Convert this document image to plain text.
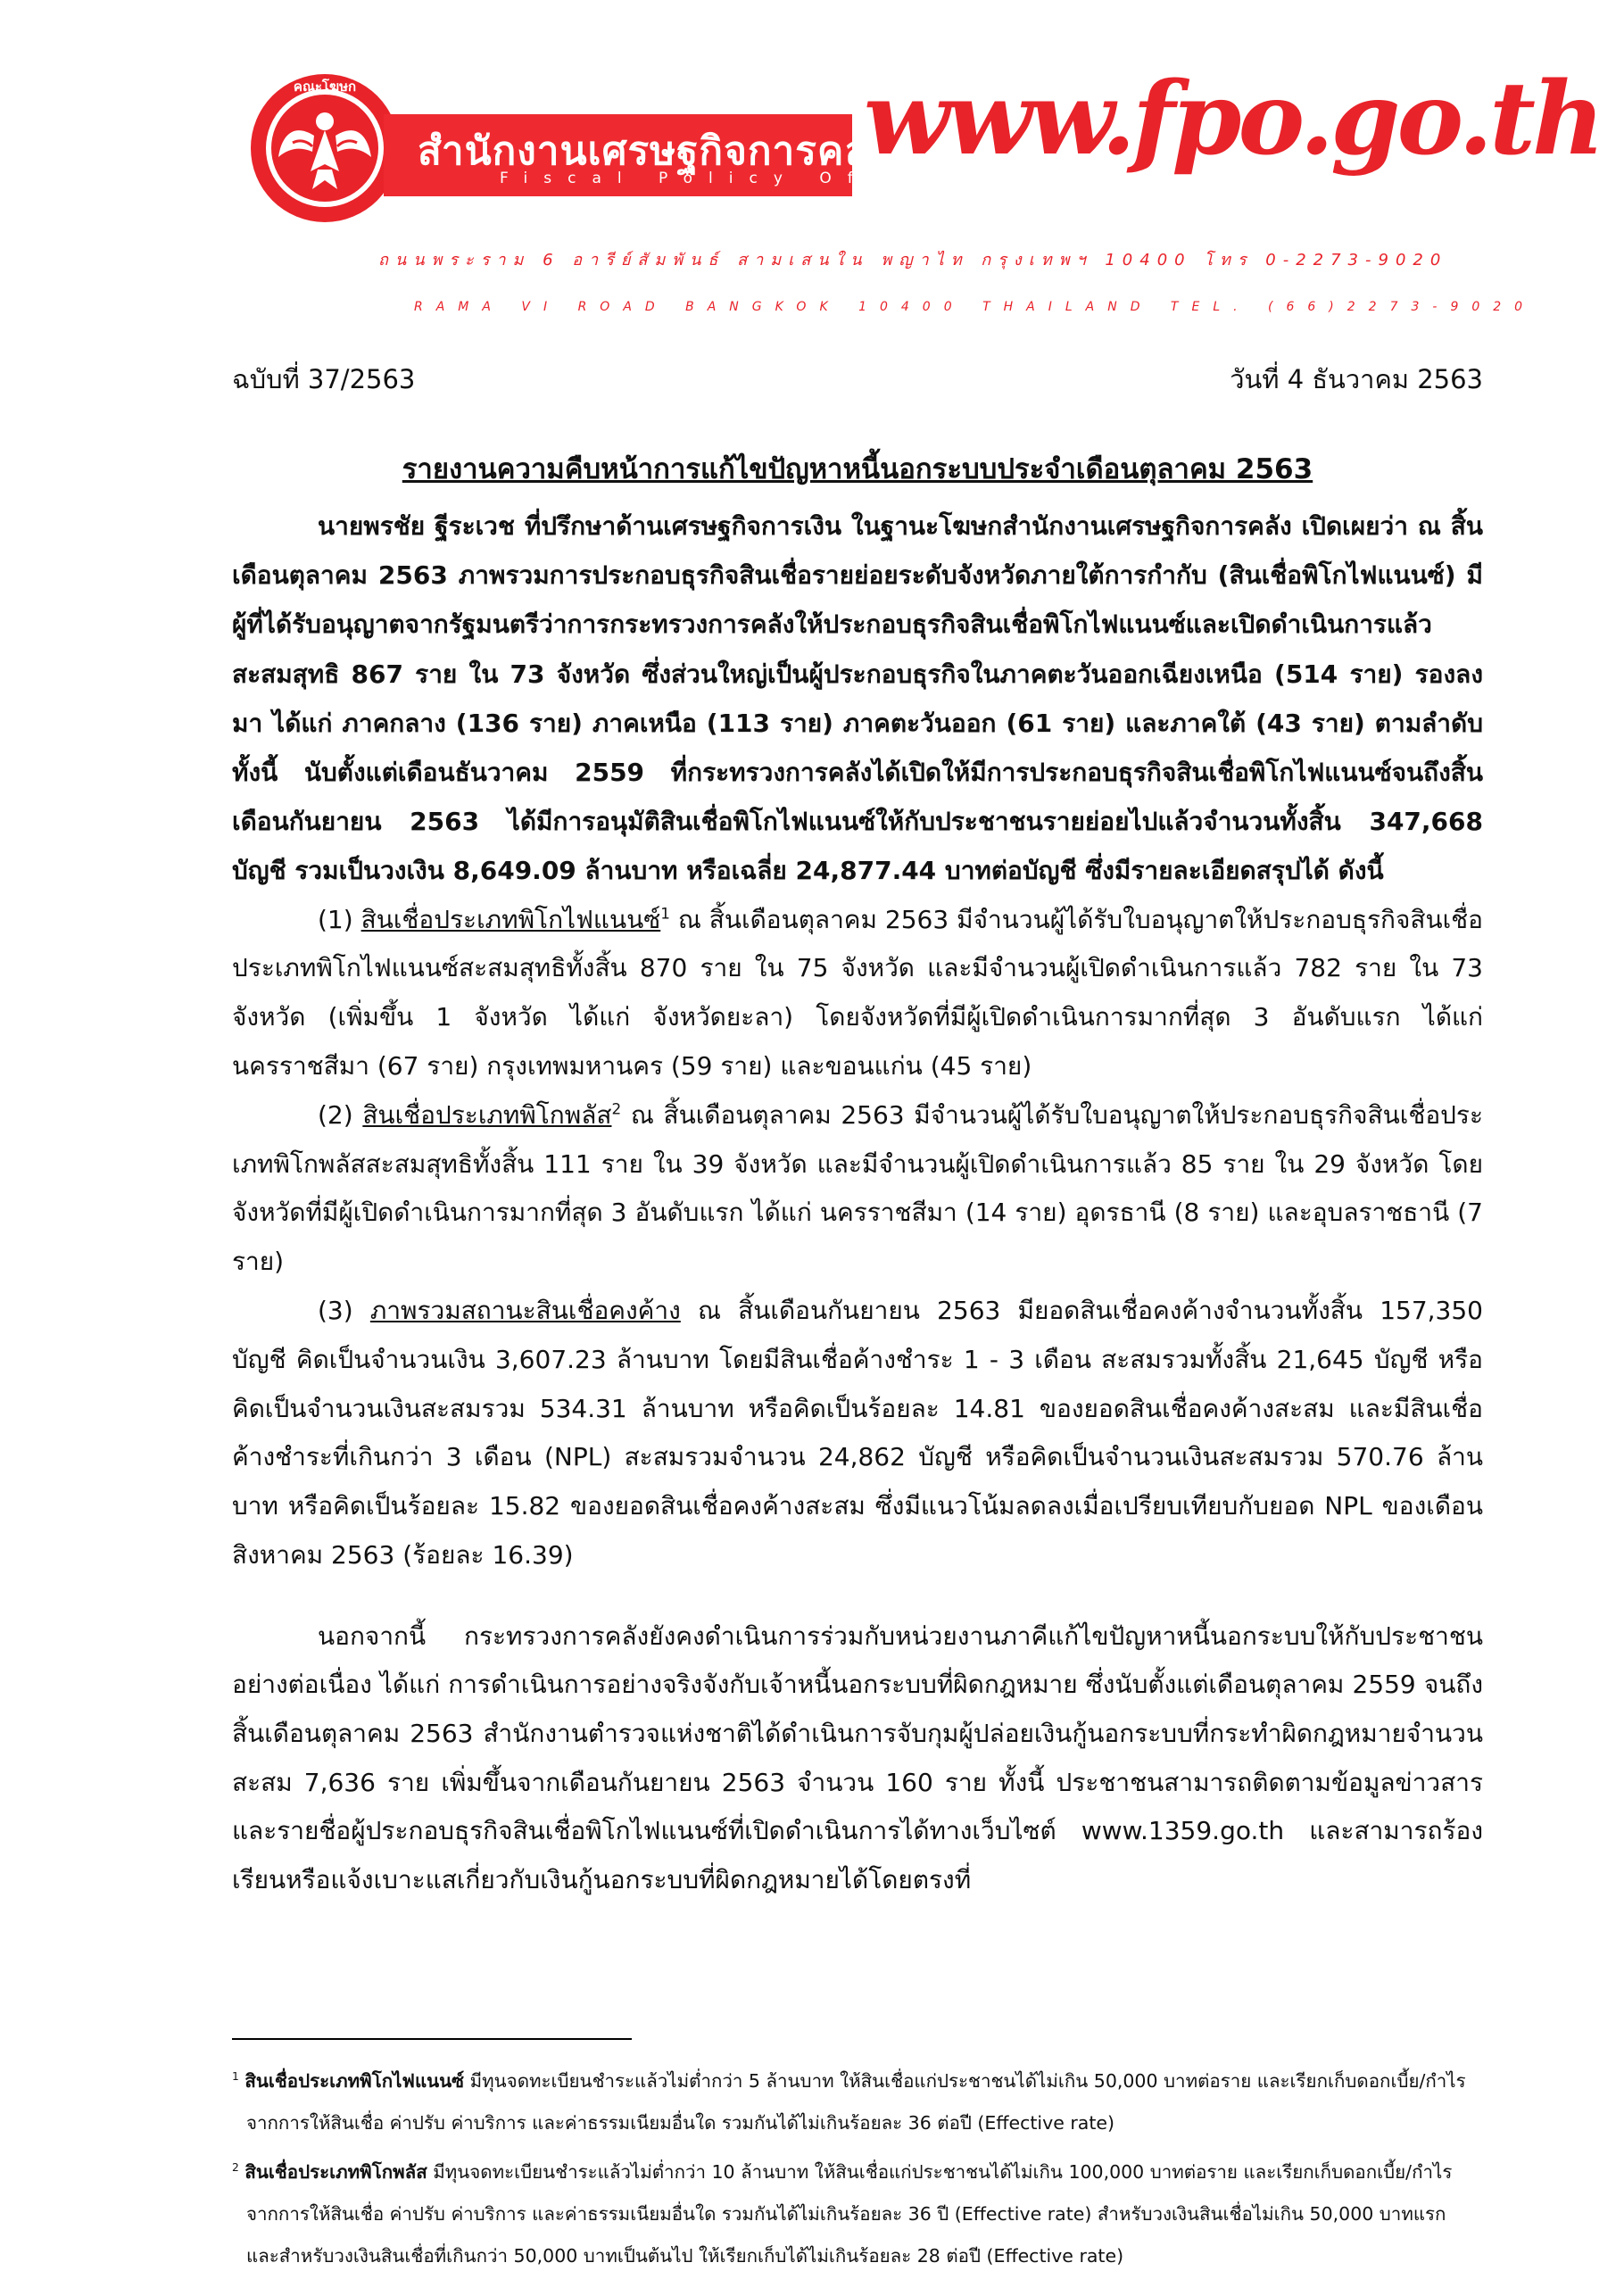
คณะโฆษก
สำนักงานเศรษฐกิจการคลัง
Fiscal Policy Office
www.fpo.go.th
ถนนพระราม 6 อารีย์สัมพันธ์ สามเสนใน พญาไท กรุงเทพฯ 10400 โทร 0-2273-9020
RAMA VI ROAD BANGKOK 10400 THAILAND TEL. (66)2273-9020
ฉบับที่ 37/2563	วันที่ 4 ธันวาคม 2563
รายงานความคืบหน้าการแก้ไขปัญหาหนี้นอกระบบประจำเดือนตุลาคม 2563

นายพรชัย ฐีระเวช ที่ปรึกษาด้านเศรษฐกิจการเงิน ในฐานะโฆษกสำนักงานเศรษฐกิจการคลัง เปิดเผยว่า ณ สิ้นเดือนตุลาคม 2563 ภาพรวมการประกอบธุรกิจสินเชื่อรายย่อยระดับจังหวัดภายใต้การกำกับ (สินเชื่อพิโกไฟแนนซ์) มีผู้ที่ได้รับอนุญาตจากรัฐมนตรีว่าการกระทรวงการคลังให้ประกอบธุรกิจสินเชื่อพิโกไฟแนนซ์และเปิดดำเนินการแล้วสะสมสุทธิ 867 ราย ใน 73 จังหวัด ซึ่งส่วนใหญ่เป็นผู้ประกอบธุรกิจในภาคตะวันออกเฉียงเหนือ (514 ราย) รองลงมา ได้แก่ ภาคกลาง (136 ราย) ภาคเหนือ (113 ราย) ภาคตะวันออก (61 ราย) และภาคใต้ (43 ราย) ตามลำดับ ทั้งนี้ นับตั้งแต่เดือนธันวาคม 2559 ที่กระทรวงการคลังได้เปิดให้มีการประกอบธุรกิจสินเชื่อพิโกไฟแนนซ์จนถึงสิ้นเดือนกันยายน 2563 ได้มีการอนุมัติสินเชื่อพิโกไฟแนนซ์ให้กับประชาชนรายย่อยไปแล้วจำนวนทั้งสิ้น 347,668 บัญชี รวมเป็นวงเงิน 8,649.09 ล้านบาท หรือเฉลี่ย 24,877.44 บาทต่อบัญชี ซึ่งมีรายละเอียดสรุปได้ ดังนี้

(1) สินเชื่อประเภทพิโกไฟแนนซ์$^1$ ณ สิ้นเดือนตุลาคม 2563 มีจำนวนผู้ได้รับใบอนุญาตให้ประกอบธุรกิจสินเชื่อประเภทพิโกไฟแนนซ์สะสมสุทธิทั้งสิ้น 870 ราย ใน 75 จังหวัด และมีจำนวนผู้เปิดดำเนินการแล้ว 782 ราย ใน 73 จังหวัด (เพิ่มขึ้น 1 จังหวัด ได้แก่ จังหวัดยะลา) โดยจังหวัดที่มีผู้เปิดดำเนินการมากที่สุด 3 อันดับแรก ได้แก่ นครราชสีมา (67 ราย) กรุงเทพมหานคร (59 ราย) และขอนแก่น (45 ราย)

(2) สินเชื่อประเภทพิโกพลัส$^2$ ณ สิ้นเดือนตุลาคม 2563 มีจำนวนผู้ได้รับใบอนุญาตให้ประกอบธุรกิจสินเชื่อประเภทพิโกพลัสสะสมสุทธิทั้งสิ้น 111 ราย ใน 39 จังหวัด และมีจำนวนผู้เปิดดำเนินการแล้ว 85 ราย ใน 29 จังหวัด โดยจังหวัดที่มีผู้เปิดดำเนินการมากที่สุด 3 อันดับแรก ได้แก่ นครราชสีมา (14 ราย) อุดรธานี (8 ราย) และอุบลราชธานี (7 ราย)

(3) ภาพรวมสถานะสินเชื่อคงค้าง ณ สิ้นเดือนกันยายน 2563 มียอดสินเชื่อคงค้างจำนวนทั้งสิ้น 157,350 บัญชี คิดเป็นจำนวนเงิน 3,607.23 ล้านบาท โดยมีสินเชื่อค้างชำระ 1 - 3 เดือน สะสมรวมทั้งสิ้น 21,645 บัญชี หรือคิดเป็นจำนวนเงินสะสมรวม 534.31 ล้านบาท หรือคิดเป็นร้อยละ 14.81 ของยอดสินเชื่อคงค้างสะสม และมีสินเชื่อค้างชำระที่เกินกว่า 3 เดือน (NPL) สะสมรวมจำนวน 24,862 บัญชี หรือคิดเป็นจำนวนเงินสะสมรวม 570.76 ล้านบาท หรือคิดเป็นร้อยละ 15.82 ของยอดสินเชื่อคงค้างสะสม ซึ่งมีแนวโน้มลดลงเมื่อเปรียบเทียบกับยอด NPL ของเดือนสิงหาคม 2563 (ร้อยละ 16.39)

นอกจากนี้ กระทรวงการคลังยังคงดำเนินการร่วมกับหน่วยงานภาคีแก้ไขปัญหาหนี้นอกระบบให้กับประชาชนอย่างต่อเนื่อง ได้แก่ การดำเนินการอย่างจริงจังกับเจ้าหนี้นอกระบบที่ผิดกฎหมาย ซึ่งนับตั้งแต่เดือนตุลาคม 2559 จนถึงสิ้นเดือนตุลาคม 2563 สำนักงานตำรวจแห่งชาติได้ดำเนินการจับกุมผู้ปล่อยเงินกู้นอกระบบที่กระทำผิดกฎหมายจำนวนสะสม 7,636 ราย เพิ่มขึ้นจากเดือนกันยายน 2563 จำนวน 160 ราย ทั้งนี้ ประชาชนสามารถติดตามข้อมูลข่าวสารและรายชื่อผู้ประกอบธุรกิจสินเชื่อพิโกไฟแนนซ์ที่เปิดดำเนินการได้ทางเว็บไซต์ www.1359.go.th และสามารถร้องเรียนหรือแจ้งเบาะแสเกี่ยวกับเงินกู้นอกระบบที่ผิดกฎหมายได้โดยตรงที่

$^1$ สินเชื่อประเภทพิโกไฟแนนซ์ มีทุนจดทะเบียนชำระแล้วไม่ต่ำกว่า 5 ล้านบาท ให้สินเชื่อแก่ประชาชนได้ไม่เกิน 50,000 บาทต่อราย และเรียกเก็บดอกเบี้ย/กำไรจากการให้สินเชื่อ ค่าปรับ ค่าบริการ และค่าธรรมเนียมอื่นใด รวมกันได้ไม่เกินร้อยละ 36 ต่อปี (Effective rate)

$^2$ สินเชื่อประเภทพิโกพลัส มีทุนจดทะเบียนชำระแล้วไม่ต่ำกว่า 10 ล้านบาท ให้สินเชื่อแก่ประชาชนได้ไม่เกิน 100,000 บาทต่อราย และเรียกเก็บดอกเบี้ย/กำไรจากการให้สินเชื่อ ค่าปรับ ค่าบริการ และค่าธรรมเนียมอื่นใด รวมกันได้ไม่เกินร้อยละ 36 ปี (Effective rate) สำหรับวงเงินสินเชื่อไม่เกิน 50,000 บาทแรก และสำหรับวงเงินสินเชื่อที่เกินกว่า 50,000 บาทเป็นต้นไป ให้เรียกเก็บได้ไม่เกินร้อยละ 28 ต่อปี (Effective rate)
